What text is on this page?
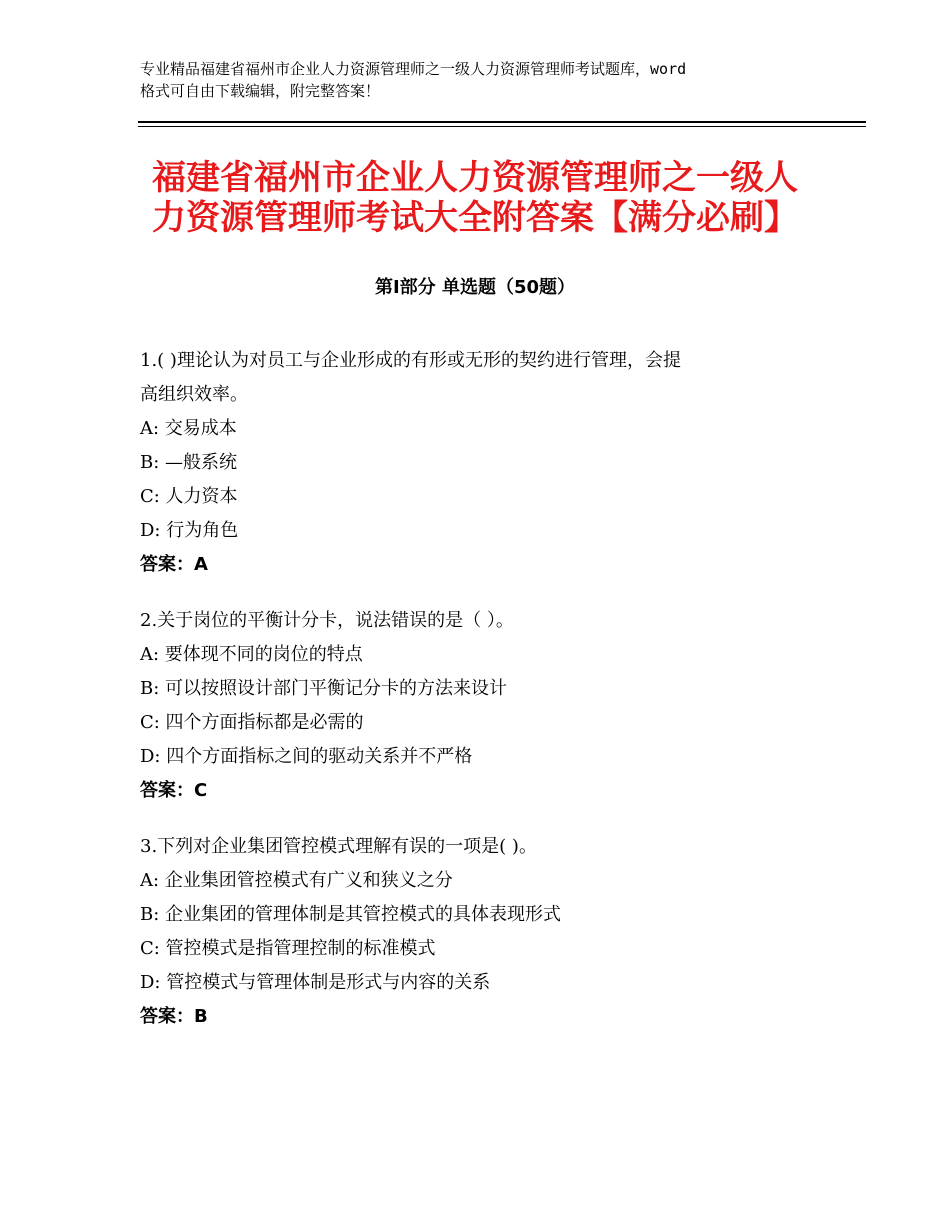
专业精品福建省福州市企业人力资源管理师之一级人力资源管理师考试题库，word
格式可自由下载编辑，附完整答案！
福建省福州市企业人力资源管理师之一级人
力资源管理师考试大全附答案【满分必刷】
第Ⅰ部分 单选题（50题）
1.( )理论认为对员工与企业形成的有形或无形的契约进行管理，会提
高组织效率。
A: 交易成本
B: —般系统
C: 人力资本
D: 行为角色
答案：A
2.关于岗位的平衡计分卡，说法错误的是（ ）。
A: 要体现不同的岗位的特点
B: 可以按照设计部门平衡记分卡的方法来设计
C: 四个方面指标都是必需的
D: 四个方面指标之间的驱动关系并不严格
答案：C
3.下列对企业集团管控模式理解有误的一项是( )。
A: 企业集团管控模式有广义和狭义之分
B: 企业集团的管理体制是其管控模式的具体表现形式
C: 管控模式是指管理控制的标准模式
D: 管控模式与管理体制是形式与内容的关系
答案：B
